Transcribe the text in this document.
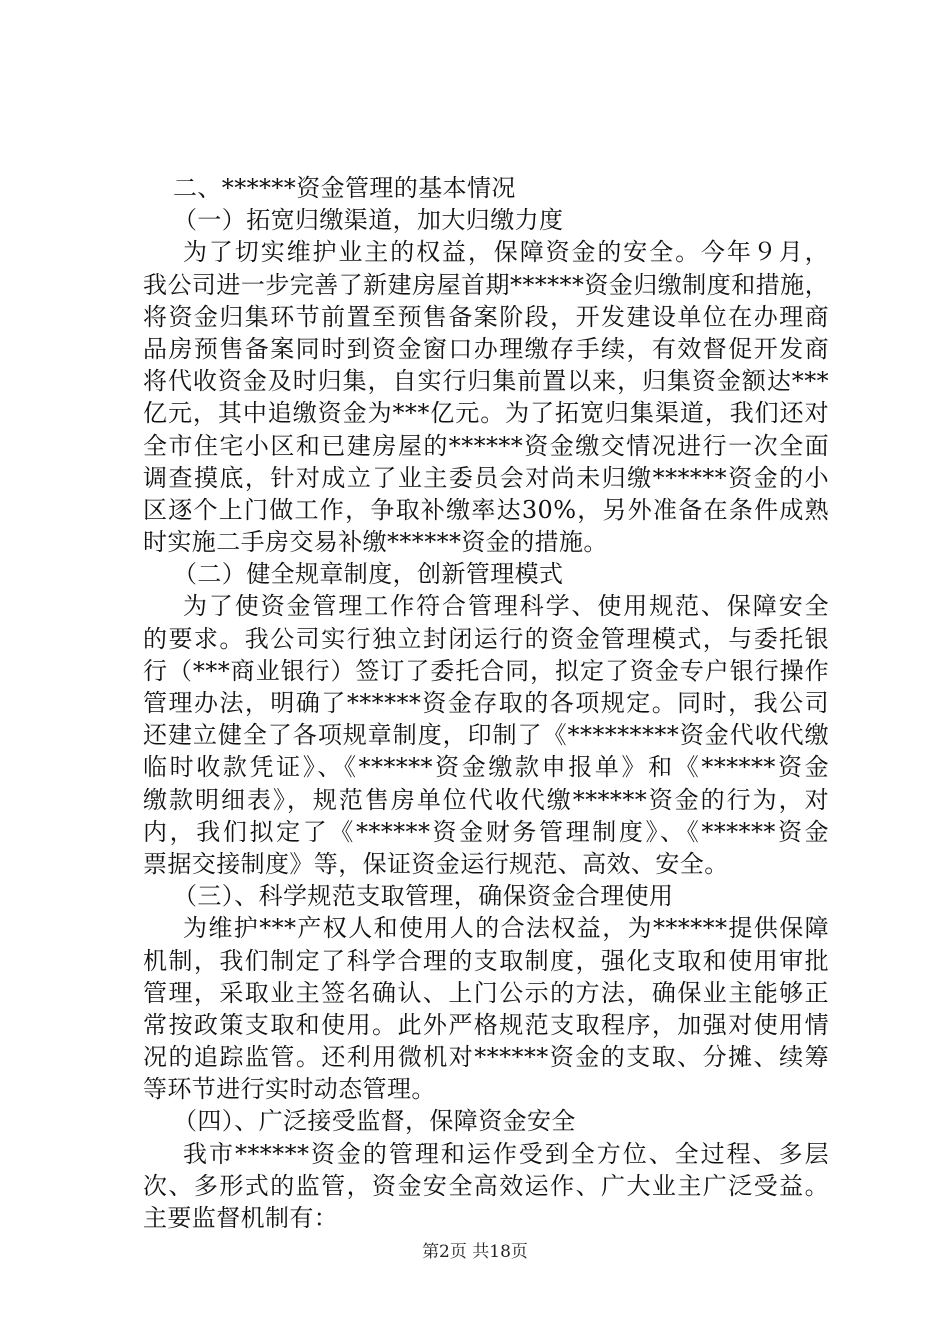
二、******资金管理的基本情况
（一）拓宽归缴渠道，加大归缴力度
为了切实维护业主的权益，保障资金的安全。今年９月，
我公司进一步完善了新建房屋首期******资金归缴制度和措施，
将资金归集环节前置至预售备案阶段，开发建设单位在办理商
品房预售备案同时到资金窗口办理缴存手续，有效督促开发商
将代收资金及时归集，自实行归集前置以来，归集资金额达***
亿元，其中追缴资金为***亿元。为了拓宽归集渠道，我们还对
全市住宅小区和已建房屋的******资金缴交情况进行一次全面
调查摸底，针对成立了业主委员会对尚未归缴******资金的小
区逐个上门做工作，争取补缴率达30%，另外准备在条件成熟
时实施二手房交易补缴******资金的措施。
（二）健全规章制度，创新管理模式
为了使资金管理工作符合管理科学、使用规范、保障安全
的要求。我公司实行独立封闭运行的资金管理模式，与委托银
行（***商业银行）签订了委托合同，拟定了资金专户银行操作
管理办法，明确了******资金存取的各项规定。同时，我公司
还建立健全了各项规章制度，印制了《*********资金代收代缴
临时收款凭证》、《******资金缴款申报单》和《******资金
缴款明细表》，规范售房单位代收代缴******资金的行为，对
内，我们拟定了《******资金财务管理制度》、《******资金
票据交接制度》等，保证资金运行规范、高效、安全。
（三）、科学规范支取管理，确保资金合理使用
为维护***产权人和使用人的合法权益，为******提供保障
机制，我们制定了科学合理的支取制度，强化支取和使用审批
管理，采取业主签名确认、上门公示的方法，确保业主能够正
常按政策支取和使用。此外严格规范支取程序，加强对使用情
况的追踪监管。还利用微机对******资金的支取、分摊、续筹
等环节进行实时动态管理。
（四）、广泛接受监督，保障资金安全
我市******资金的管理和运作受到全方位、全过程、多层
次、多形式的监管，资金安全高效运作、广大业主广泛受益。
主要监督机制有：
第2页 共18页
